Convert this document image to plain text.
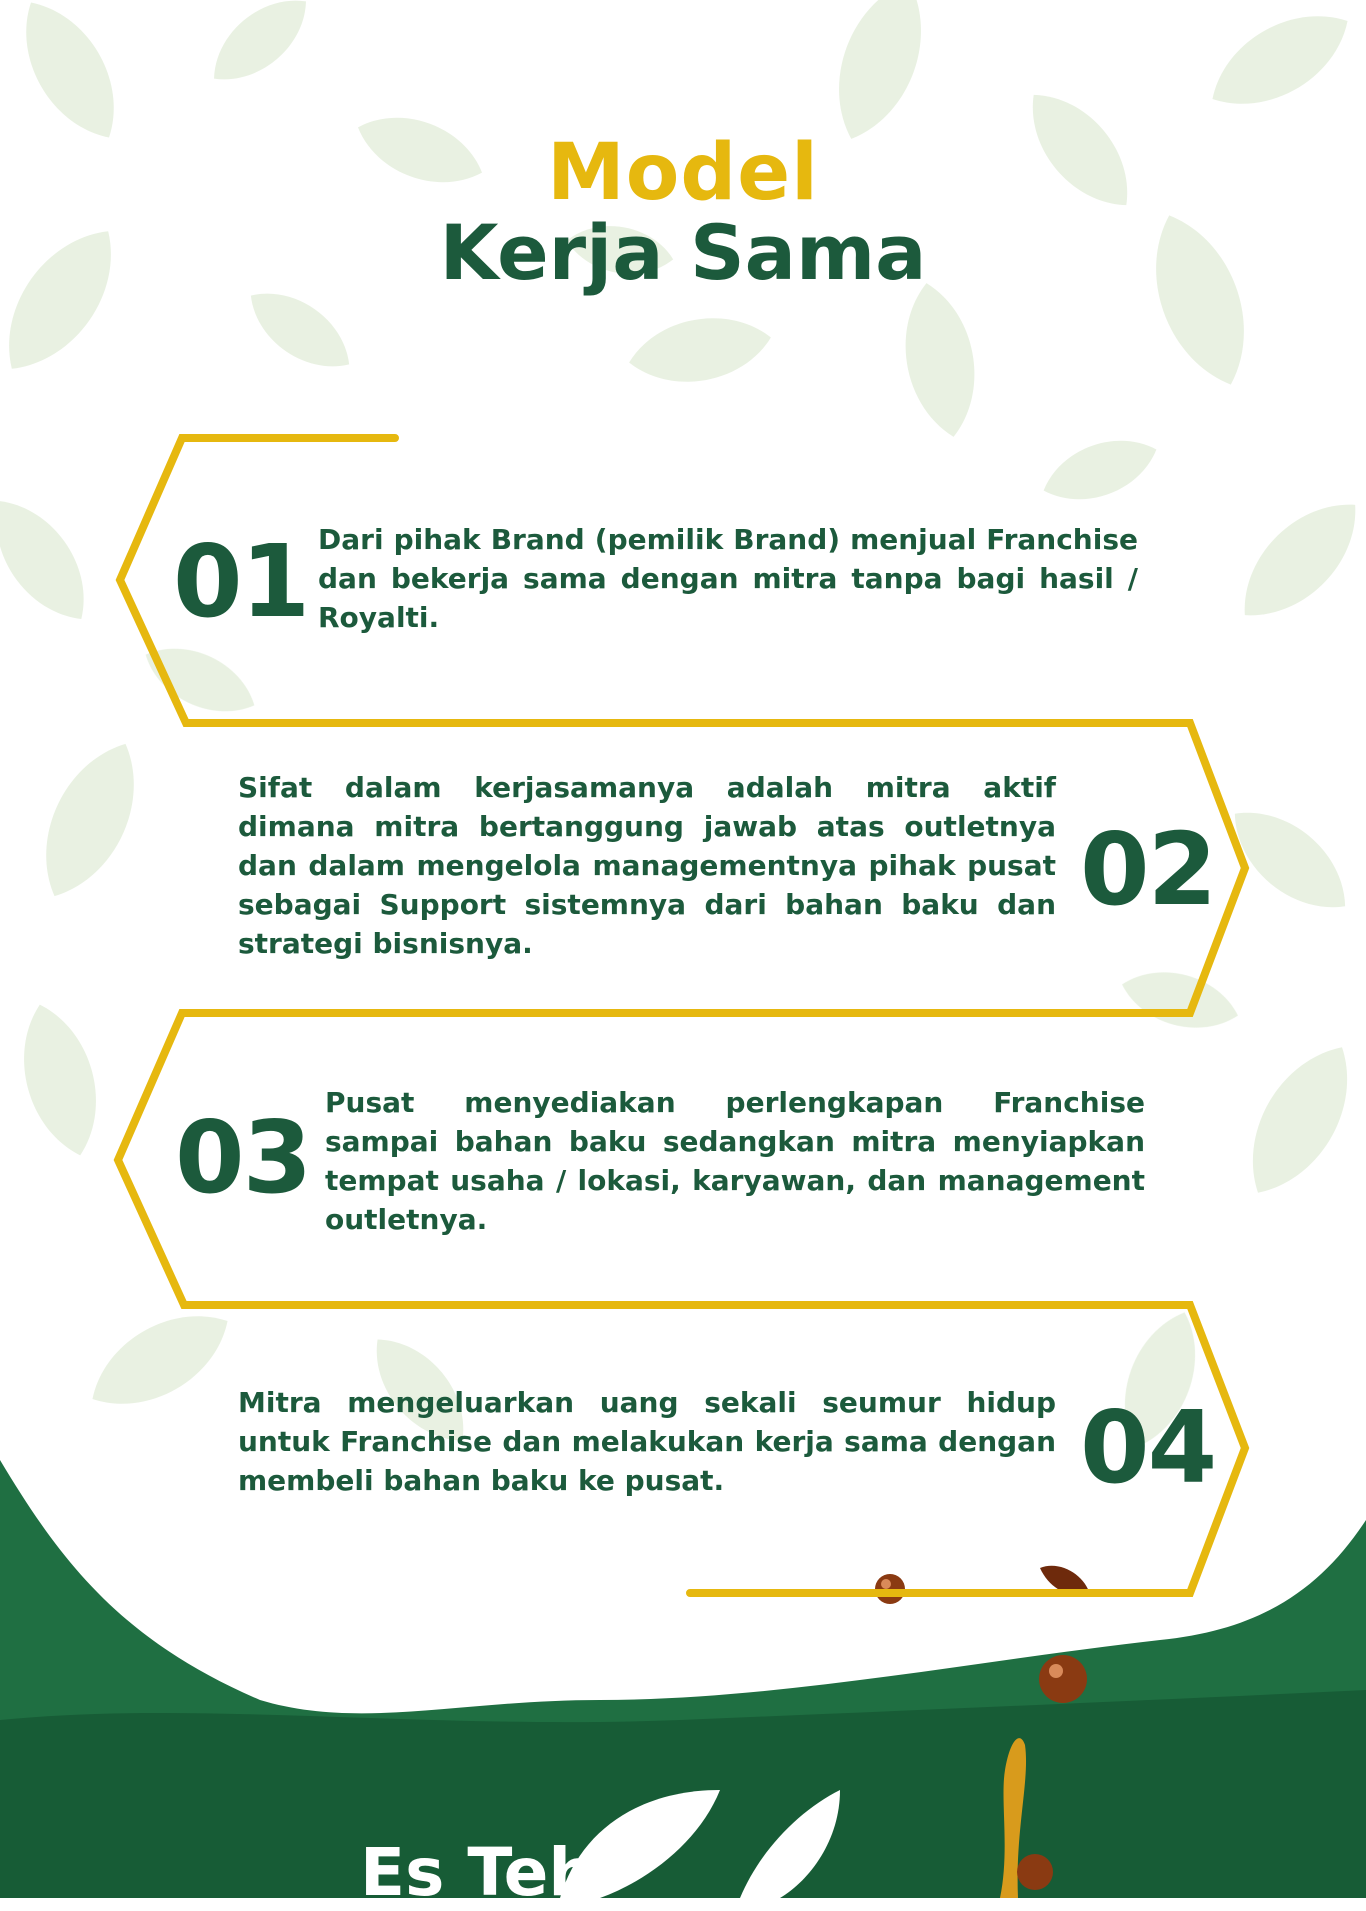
Model
Kerja Sama
01 Dari pihak Brand (pemilik Brand) menjual Franchise dan bekerja sama dengan mitra tanpa bagi hasil / Royalti.

Sifat dalam kerjasamanya adalah mitra aktif dimana mitra bertanggung jawab atas outletnya dan dalam mengelola managementnya pihak pusat sebagai Support sistemnya dari bahan baku dan strategi bisnisnya.

02

Pusat menyediakan perlengkapan Franchise sampai bahan baku sedangkan mitra menyiapkan tempat usaha / lokasi, karyawan, dan management outletnya.

03

Mitra mengeluarkan uang sekali seumur hidup untuk Franchise dan melakukan kerja sama dengan membeli bahan baku ke pusat.	04
Es Teh
